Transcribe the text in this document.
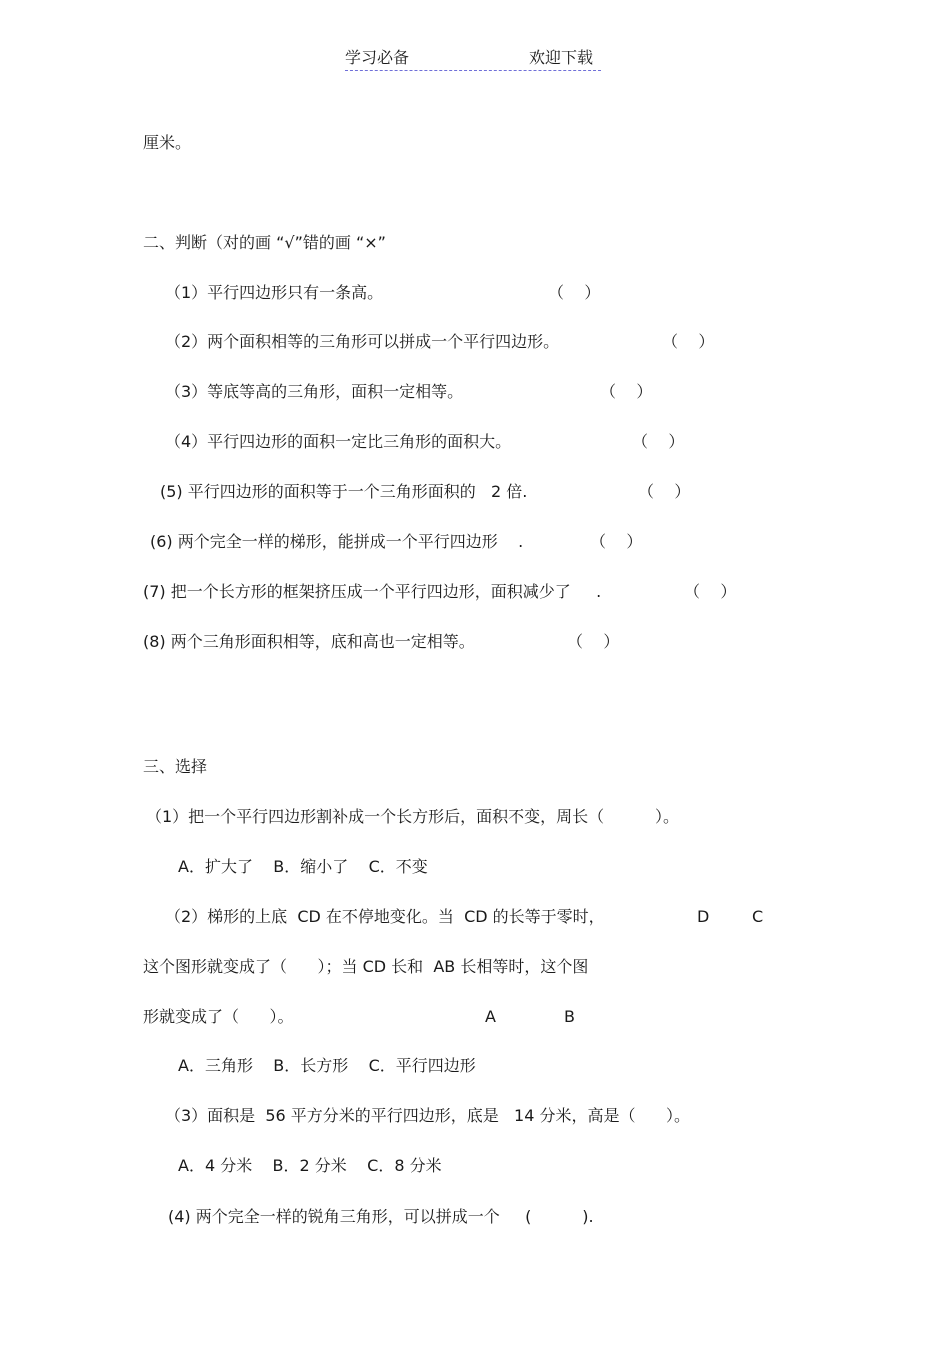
学习必备	欢迎下载
厘米。
二、判断（对的画 “√”错的画 “×”
（1）平行四边形只有一条高。	（    ）
（2）两个面积相等的三角形可以拼成一个平行四边形。	（    ）
（3）等底等高的三角形，面积一定相等。	（    ）
（4）平行四边形的面积一定比三角形的面积大。	（    ）
(5) 平行四边形的面积等于一个三角形面积的   2 倍.	（    ）
(6) 两个完全一样的梯形，能拼成一个平行四边形    .	（    ）
(7) 把一个长方形的框架挤压成一个平行四边形，面积减少了     .	（    ）
(8) 两个三角形面积相等，底和高也一定相等。	（    ）
三、选择
（1）把一个平行四边形割补成一个长方形后，面积不变，周长（          ）。
A．扩大了    B．缩小了    C．不变
（2）梯形的上底  CD 在不停地变化。当  CD 的长等于零时，	D	C
这个图形就变成了（      ）；当 CD 长和  AB 长相等时，这个图
形就变成了（      ）。	A	B
A．三角形    B．长方形    C．平行四边形
（3）面积是  56 平方分米的平行四边形，底是   14 分米，高是（      ）。
A．4 分米    B．2 分米    C．8 分米
(4) 两个完全一样的锐角三角形，可以拼成一个     (          ).
